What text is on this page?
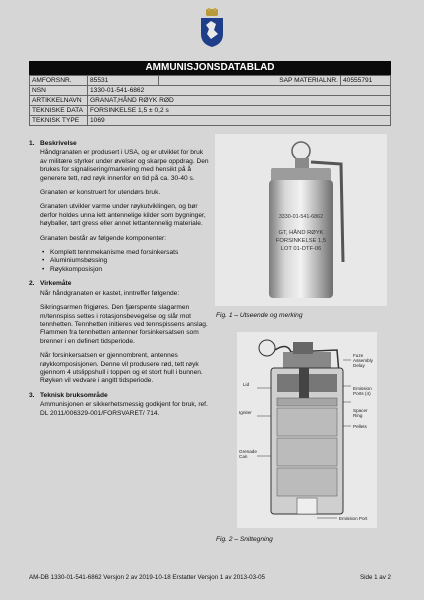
AMMUNISJONSDATABLAD
AMFORSNR.	85531	SAP MATERIALNR.	40555791
NSN	1330-01-541-6862		
ARTIKKELNAVN	GRANAT,HÅND RØYK RØD		
TEKNISKE DATA	FORSINKELSE 1,5 ± 0,2 s		
TEKNISK TYPE	1069		
1. Beskrivelse

Håndgranaten er produsert i USA, og er utviklet for bruk av militære styrker under øvelser og skarpe oppdrag. Den brukes for signalisering/markering med hensikt på å generere tett, rød røyk innenfor en tid på ca. 30-40 s.

Granaten er konstruert for utendørs bruk.

Granaten utvikler varme under røykutviklingen, og bør derfor holdes unna lett antennelige kilder som bygninger, høyballer, tørt gress eller annet lettantennelig materiale.

Granaten består av følgende komponenter:

• Komplett tennmekanisme med forsinkersats
• Aluminiumsbøssing
• Røykkomposisjon
2. Virkemåte

Når håndgranaten er kastet, inntreffer følgende:

Sikringsarmen frigjøres. Den fjærspente slagarmen m/tennspiss settes i rotasjonsbevegelse og slår mot tennhetten. Tennhetten initieres ved tennspissens anslag. Flammen fra tennhetten antenner forsinkersatsen som brenner i en definert tidsperiode.

Når forsinkersatsen er gjennombrent, antennes røykkomposisjonen. Denne vil produsere rød, tett røyk gjennom 4 utslippshull i toppen og et stort hull i bunnen. Røyken vil vedvare i angitt tidsperiode.

3. Teknisk bruksområde

Ammunisjonen er sikkerhetsmessig godkjent for bruk, ref. DL 2011/006329-001/FORSVARET/ 714.

3330-01-541-6862
GT, HÅND RØYK
FORSINKELSE 1,5
LOT 01-DTF-06
Fig. 1 – Utseende og merking
Fuze
Assembly
Delay
Emission
Ports (4)
Spacer
Ring
Pellets
Lid
Igniter
Grenade
Can
Emission Port
Fig. 2 – Snittegning
AM-DB 1330-01-541-6862 Versjon 2 av 2019-10-18 Erstatter Versjon 1 av 2013-03-05	Side 1 av 2
